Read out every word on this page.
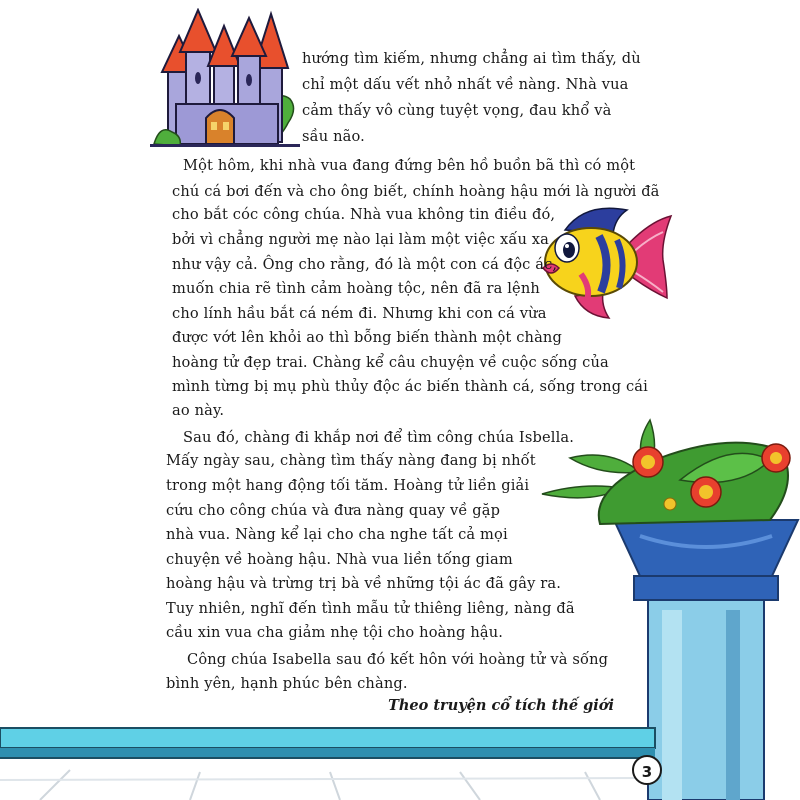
hướng tìm kiếm, nhưng chẳng ai tìm thấy, dù
chỉ một dấu vết nhỏ nhất về nàng. Nhà vua
cảm thấy vô cùng tuyệt vọng, đau khổ và
sầu não.
Một hôm, khi nhà vua đang đứng bên hồ buồn bã thì có một
chú cá bơi đến và cho ông biết, chính hoàng hậu mới là người đã
cho bắt cóc công chúa. Nhà vua không tin điều đó,
bởi vì chẳng người mẹ nào lại làm một việc xấu xa
như vậy cả. Ông cho rằng, đó là một con cá độc ác,
muốn chia rẽ tình cảm hoàng tộc, nên đã ra lệnh
cho lính hầu bắt cá ném đi. Nhưng khi con cá vừa
được vớt lên khỏi ao thì bỗng biến thành một chàng
hoàng tử đẹp trai. Chàng kể câu chuyện về cuộc sống của
mình từng bị mụ phù thủy độc ác biến thành cá, sống trong cái
ao này.
Sau đó, chàng đi khắp nơi để tìm công chúa Isbella.
Mấy ngày sau, chàng tìm thấy nàng đang bị nhốt
trong một hang động tối tăm. Hoàng tử liền giải
cứu cho công chúa và đưa nàng quay về gặp
nhà vua. Nàng kể lại cho cha nghe tất cả mọi
chuyện về hoàng hậu. Nhà vua liền tống giam
hoàng hậu và trừng trị bà về những tội ác đã gây ra.
Tuy nhiên, nghĩ đến tình mẫu tử thiêng liêng, nàng đã
cầu xin vua cha giảm nhẹ tội cho hoàng hậu.
Công chúa Isabella sau đó kết hôn với hoàng tử và sống
bình yên, hạnh phúc bên chàng.
Theo truyện cổ tích thế giới
3
